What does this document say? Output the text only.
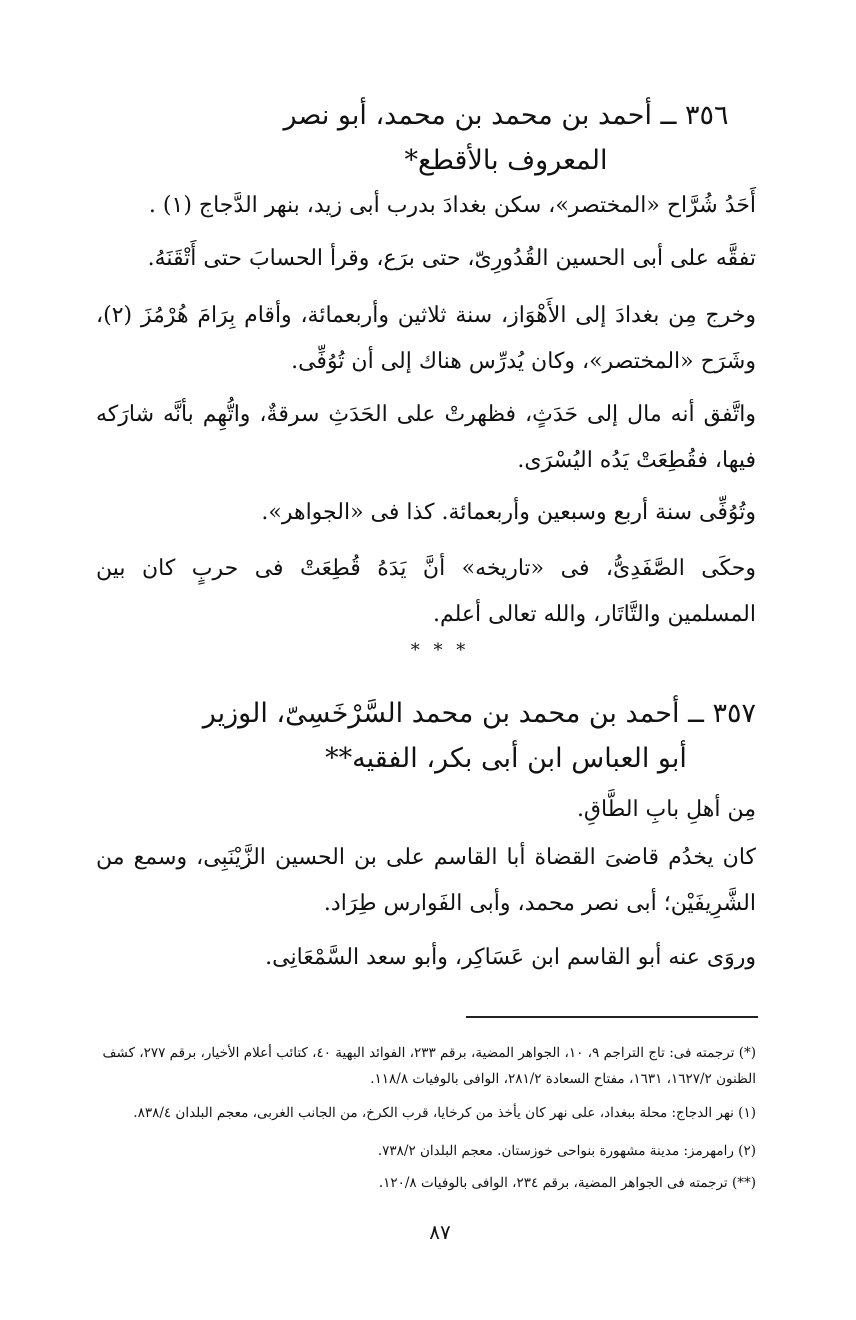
٣٥٦ ــ أحمد بن محمد بن محمد، أبو نصر
المعروف بالأقطع*
أَحَدُ شُرَّاح «المختصر»، سكن بغدادَ بدرب أبى زيد، بنهر الدَّجاج (١) .
تفقَّه على أبى الحسين القُدُورِىّ، حتى برَع، وقرأ الحسابَ حتى أَتْقَنَهُ.
وخرج مِن بغدادَ إلى الأَهْوَاز، سنة ثلاثين وأربعمائة، وأقام بِرَامَ هُرْمُزَ (٢)، وشَرَح «المختصر»، وكان يُدرِّس هناك إلى أن تُوُفِّى.
واتَّفق أنه مال إلى حَدَثٍ، فظهرتْ على الحَدَثِ سرقةٌ، واتُّهِم بأنَّه شارَكه فيها، فقُطِعَتْ يَدُه اليُسْرَى.
وتُوُفِّى سنة أربع وسبعين وأربعمائة. كذا فى «الجواهر».
وحكَى الصَّفَدِىُّ، فى «تاريخه» أنَّ يَدَهُ قُطِعَتْ فى حربٍ كان بين المسلمين والتَّاتَار، والله تعالى أعلم.
* * *
٣٥٧ ــ أحمد بن محمد بن محمد السَّرْخَسِىّ، الوزير
أبو العباس ابن أبى بكر، الفقيه**
مِن أهلِ بابِ الطَّاقِ.
كان يخدُم قاضىَ القضاة أبا القاسم على بن الحسين الزَّيْنَبِى، وسمع من الشَّرِيفَيْن؛ أبى نصر محمد، وأبى الفَوارس طِرَاد.
وروَى عنه أبو القاسم ابن عَسَاكِر، وأبو سعد السَّمْعَانِى.
(*) ترجمته فى: تاج التراجم ٩، ١٠، الجواهر المضية، برقم ٢٣٣، الفوائد البهية ٤٠، كتائب أعلام الأخيار، برقم ٢٧٧، كشف الظنون ١٦٢٧/٢، ١٦٣١، مفتاح السعادة ٢٨١/٢، الوافى بالوفيات ١١٨/٨.
(١) نهر الدجاج: محلة ببغداد، على نهر كان يأخذ من كرخايا، قرب الكرخ، من الجانب الغربى، معجم البلدان ٨٣٨/٤.
(٢) رامهرمز: مدينة مشهورة بنواحى خوزستان. معجم البلدان ٧٣٨/٢.
(**) ترجمته فى الجواهر المضية، برقم ٢٣٤، الوافى بالوفيات ١٢٠/٨.
٨٧
